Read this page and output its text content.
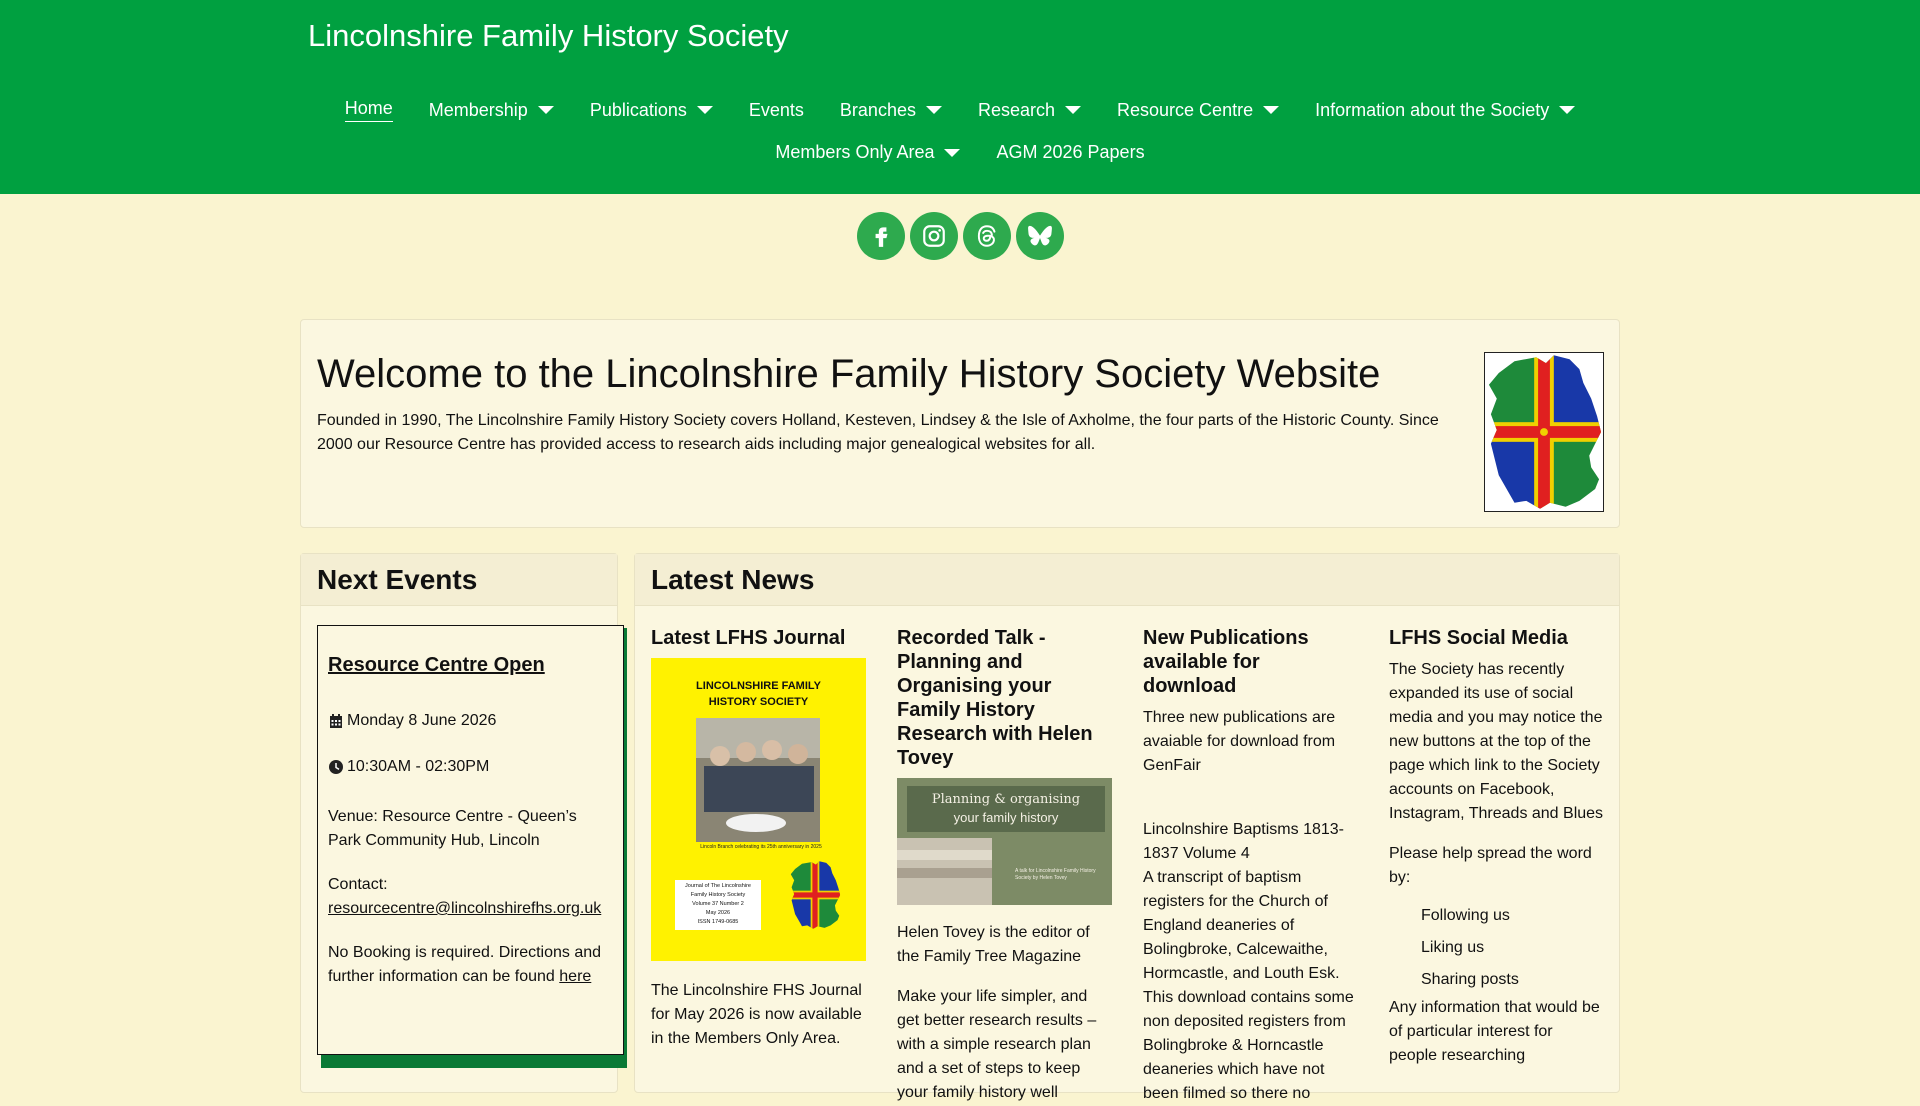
Lincolnshire Family History Society
Home Membership	Publications	Events Branches	Research	Resource Centre	Information about the Society
Members Only Area	AGM 2026 Papers
Welcome to the Lincolnshire Family History Society Website

Founded in 1990, The Lincolnshire Family History Society covers Holland, Kesteven, Lindsey & the Isle of Axholme, the four parts of the Historic County. Since 2000 our Resource Centre has provided access to research aids including major genealogical websites for all.

Next Events
Resource Centre Open
Monday 8 June 2026
10:30AM - 02:30PM
Venue: Resource Centre - Queen’s Park Community Hub, Lincoln
Contact:
resourcecentre@lincolnshirefhs.org.uk
No Booking is required. Directions and further information can be found here
Latest News
Latest LFHS Journal
LINCOLNSHIRE FAMILY HISTORY SOCIETY
Lincoln Branch celebrating its 25th anniversary in 2025
Journal of The Lincolnshire
Family History Society
Volume 37 Number 2
May 2026
ISSN 1749-0685

The Lincolnshire FHS Journal for May 2026 is now available in the Members Only Area.

Recorded Talk - Planning and Organising your Family History Research with Helen Tovey
Planning & organising
your family history
A talk for Lincolnshire Family History Society by Helen Tovey

Helen Tovey is the editor of the Family Tree Magazine

Make your life simpler, and get better research results – with a simple research plan and a set of steps to keep your family history well

New Publications available for download

Three new publications are avaiable for download from GenFair

Lincolnshire Baptisms 1813-1837 Volume 4

A transcript of baptism registers for the Church of England deaneries of Bolingbroke, Calcewaithe, Hormcastle, and Louth Esk. This download contains some non deposited registers from Bolingbroke & Horncastle deaneries which have not been filmed so there no

LFHS Social Media

The Society has recently expanded its use of social media and you may notice the new buttons at the top of the page which link to the Society accounts on Facebook, Instagram, Threads and Blues

Please help spread the word by:

Following us
Liking us
Sharing posts

Any information that would be of particular interest for people researching
